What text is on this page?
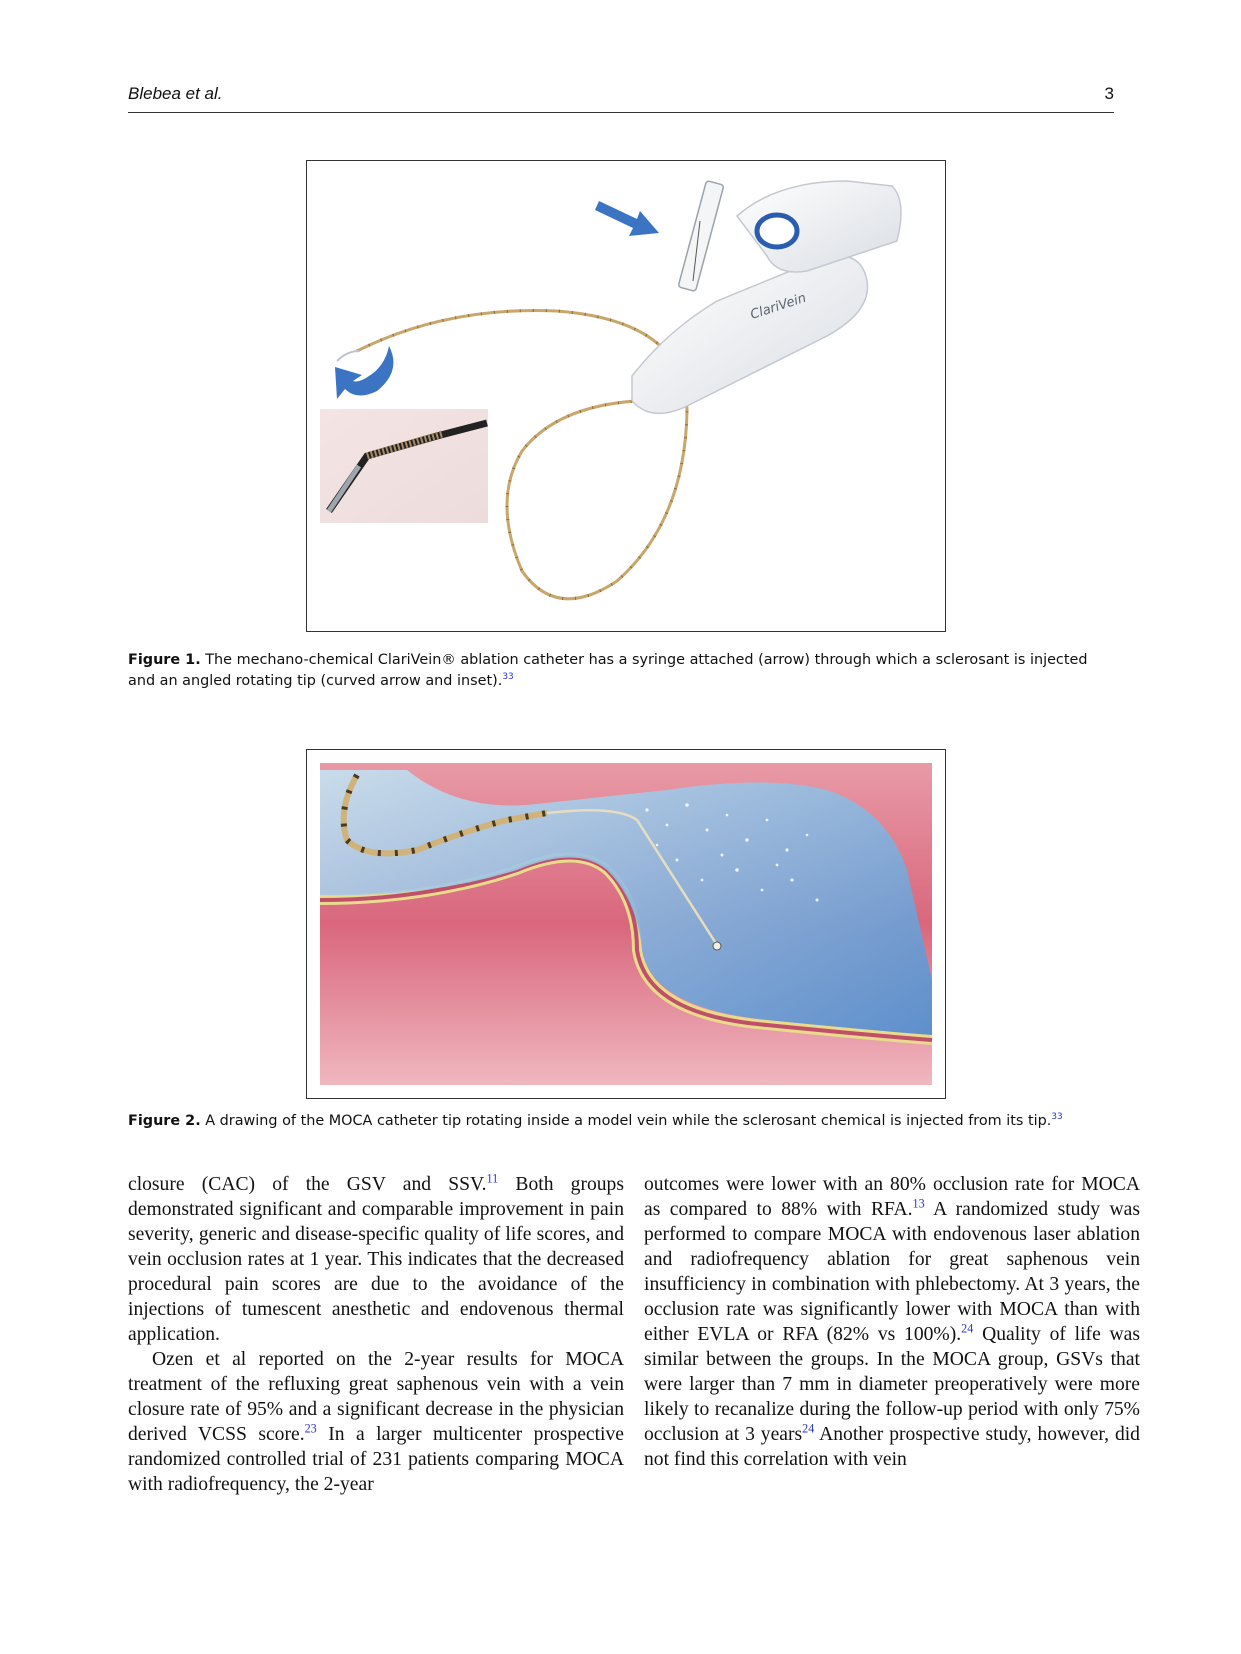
Blebea et al.	3
ClariVein
Figure 1. The mechano-chemical ClariVein® ablation catheter has a syringe attached (arrow) through which a sclerosant is injected and an angled rotating tip (curved arrow and inset).$^{33}$
Figure 2. A drawing of the MOCA catheter tip rotating inside a model vein while the sclerosant chemical is injected from its tip.$^{33}$

closure (CAC) of the GSV and SSV.$^{11}$ Both groups demonstrated significant and comparable improvement in pain severity, generic and disease-specific quality of life scores, and vein occlusion rates at 1 year. This indicates that the decreased procedural pain scores are due to the avoidance of the injections of tumescent anesthetic and endovenous thermal application.

Ozen et al reported on the 2-year results for MOCA treatment of the refluxing great saphenous vein with a vein closure rate of 95% and a significant decrease in the physician derived VCSS score.$^{23}$ In a larger multicenter prospective randomized controlled trial of 231 patients comparing MOCA with radiofrequency, the 2-year

outcomes were lower with an 80% occlusion rate for MOCA as compared to 88% with RFA.$^{13}$ A randomized study was performed to compare MOCA with endovenous laser ablation and radiofrequency ablation for great saphenous vein insufficiency in combination with phlebectomy. At 3 years, the occlusion rate was significantly lower with MOCA than with either EVLA or RFA (82% vs 100%).$^{24}$ Quality of life was similar between the groups. In the MOCA group, GSVs that were larger than 7 mm in diameter preoperatively were more likely to recanalize during the follow-up period with only 75% occlusion at 3 years$^{24}$ Another prospective study, however, did not find this correlation with vein
